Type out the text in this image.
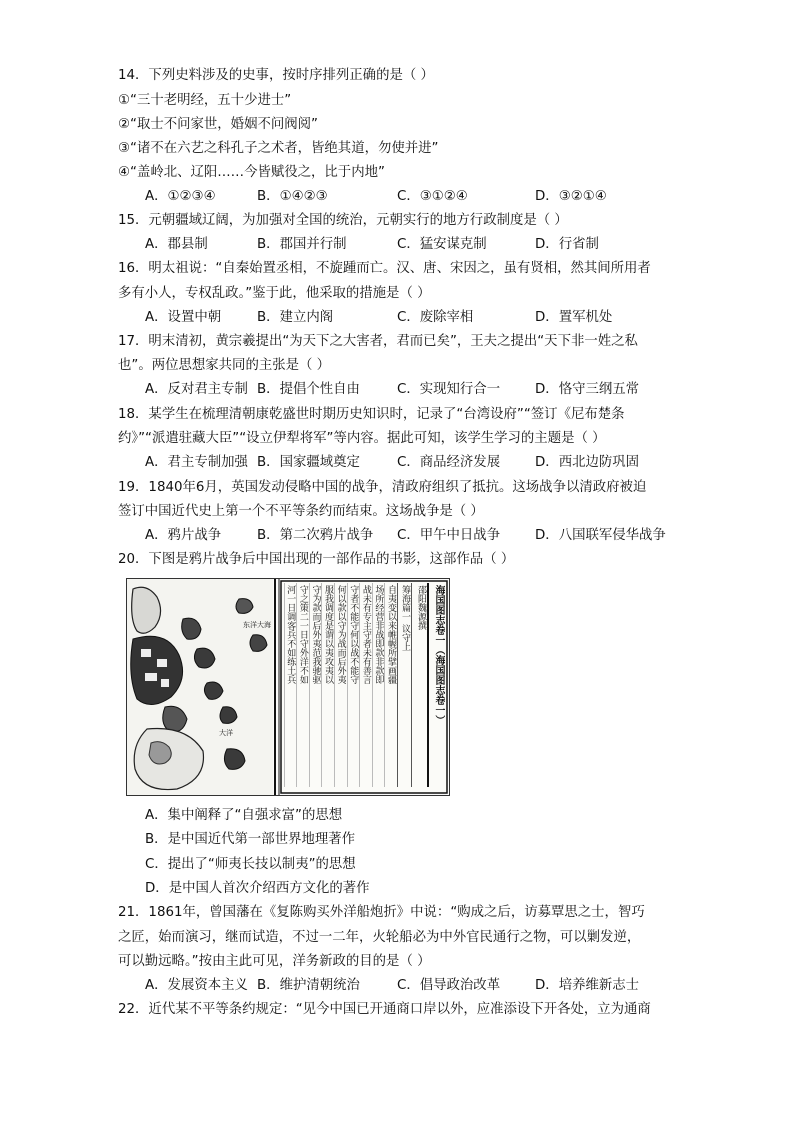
14．下列史料涉及的史事，按时序排列正确的是（ ）
①“三十老明经，五十少进士”
②“取士不问家世，婚姻不问阀阅”
③“诸不在六艺之科孔子之术者，皆绝其道，勿使并进”
④“盖岭北、辽阳……今皆赋役之，比于内地”
A．①②③④	B．①④②③	C．③①②④	D．③②①④
15．元朝疆域辽阔，为加强对全国的统治，元朝实行的地方行政制度是（ ）
A．郡县制	B．郡国并行制	C．猛安谋克制	D．行省制
16．明太祖说：“自秦始置丞相，不旋踵而亡。汉、唐、宋因之，虽有贤相，然其间所用者
多有小人，专权乱政。”鉴于此，他采取的措施是（ ）
A．设置中朝	B．建立内阁	C．废除宰相	D．置军机处
17．明末清初，黄宗羲提出“为天下之大害者，君而已矣”，王夫之提出“天下非一姓之私
也”。两位思想家共同的主张是（ ）
A．反对君主专制 B．提倡个性自由	C．实现知行合一	D．恪守三纲五常
18．某学生在梳理清朝康乾盛世时期历史知识时，记录了“台湾设府”“签订《尼布楚条
约》”“派遣驻藏大臣”“设立伊犁将军”等内容。据此可知，该学生学习的主题是（ ）
A．君主专制加强 B．国家疆域奠定	C．商品经济发展	D．西北边防巩固
19．1840年6月，英国发动侵略中国的战争，清政府组织了抵抗。这场战争以清政府被迫
签订中国近代史上第一个不平等条约而结束。这场战争是（ ）
A．鸦片战争	B．第二次鸦片战争 C．甲午中日战争	D．八国联军侵华战争
20．下图是鸦片战争后中国出现的一部作品的书影，这部作品（ ）
东洋大海
大洋
海国图志卷一（海国图志卷一）
邵阳魏源撰
筹海篇一 议守上
自夷变以来帷幄所擘画疆
场所经营非战即款非款即
战未有专主守者未有善言
守者不能守何以战不能守
何以款以守为战而后外夷
服我调度是谓以夷攻夷以
守为款而后外夷范我驰驱
守之策二一日守外洋不如
河一日调客兵不如练土兵
A．集中阐释了“自强求富”的思想
B．是中国近代第一部世界地理著作
C．提出了“师夷长技以制夷”的思想
D．是中国人首次介绍西方文化的著作
21．1861年，曾国藩在《复陈购买外洋船炮折》中说：“购成之后，访募覃思之士，智巧
之匠，始而演习，继而试造，不过一二年，火轮船必为中外官民通行之物，可以剿发逆，
可以勤远略。”按由主此可见，洋务新政的目的是（ ）
A．发展资本主义 B．维护清朝统治	C．倡导政治改革	D．培养维新志士
22．近代某不平等条约规定：“见今中国已开通商口岸以外，应准添设下开各处，立为通商
